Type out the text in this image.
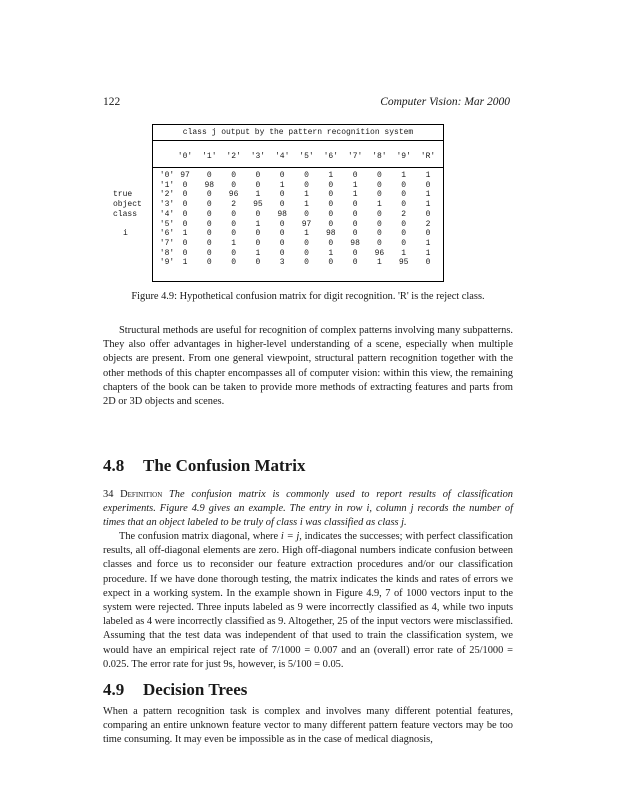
122	Computer Vision: Mar 2000
class j output by the pattern recognition system
'0'	'1'	'2'	'3'	'4'	'5'	'6'	'7'	'8'	'9'	'R'
'0' 97	0	0	0	0	0	1	0	0	1	1
'1'	0	98	0	0	1	0	0	1	0	0	0
'2'	0	0	96	1	0	1	0	1	0	0	1
'3'	0	0	2	95	0	1	0	0	1	0	1
'4'	0	0	0	0	98	0	0	0	0	2	0
'5'	0	0	0	1	0	97	0	0	0	0	2
'6'	1	0	0	0	0	1	98	0	0	0	0
'7'	0	0	1	0	0	0	0	98	0	0	1
'8'	0	0	0	1	0	0	1	0	96	1	1
'9'	1	0	0	0	3	0	0	0	1	95	0
true
object
class
i
Figure 4.9: Hypothetical confusion matrix for digit recognition. 'R' is the reject class.

Structural methods are useful for recognition of complex patterns involving many subpatterns. They also offer advantages in higher-level understanding of a scene, especially when multiple objects are present. From one general viewpoint, structural pattern recognition together with the other methods of this chapter encompasses all of computer vision: within this view, the remaining chapters of the book can be taken to provide more methods of extracting features and parts from 2D or 3D objects and scenes.

4.8 The Confusion Matrix

34 Definition The confusion matrix is commonly used to report results of classification experiments. Figure 4.9 gives an example. The entry in row i, column j records the number of times that an object labeled to be truly of class i was classified as class j.

The confusion matrix diagonal, where i = j, indicates the successes; with perfect classification results, all off-diagonal elements are zero. High off-diagonal numbers indicate confusion between classes and force us to reconsider our feature extraction procedures and/or our classification procedure. If we have done thorough testing, the matrix indicates the kinds and rates of errors we expect in a working system. In the example shown in Figure 4.9, 7 of 1000 vectors input to the system were rejected. Three inputs labeled as 9 were incorrectly classified as 4, while two inputs labeled as 4 were incorrectly classified as 9. Altogether, 25 of the input vectors were misclassified. Assuming that the test data was independent of that used to train the classification system, we would have an empirical reject rate of 7/1000 = 0.007 and an (overall) error rate of 25/1000 = 0.025. The error rate for just 9s, however, is 5/100 = 0.05.

4.9 Decision Trees

When a pattern recognition task is complex and involves many different potential features, comparing an entire unknown feature vector to many different pattern feature vectors may be too time consuming. It may even be impossible as in the case of medical diagnosis,
